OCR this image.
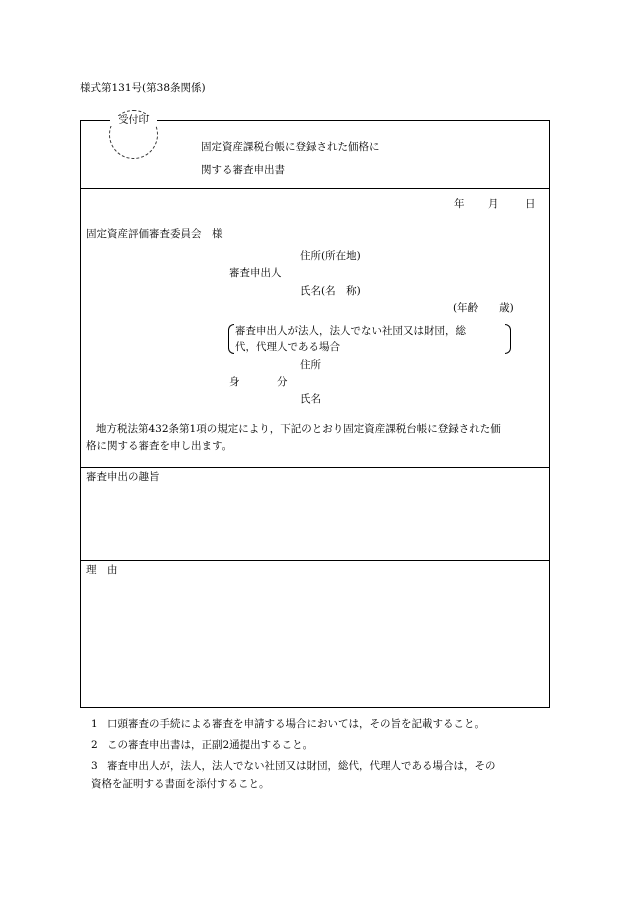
様式第131号(第38条関係)
受付印
固定資産課税台帳に登録された価格に
関する審査申出書
年 月	日
固定資産評価審査委員会　様
住所(所在地)
審査申出人
氏名(名　称)
(年齢　　歳)
審査申出人が法人，法人でない社団又は財団，総
代，代理人である場合
住所
身	分
氏名
地方税法第432条第1項の規定により，下記のとおり固定資産課税台帳に登録された価
格に関する審査を申し出ます。
審査申出の趣旨
理　由
1 口頭審査の手続による審査を申請する場合においては，その旨を記載すること。
2 この審査申出書は，正副2通提出すること。
3 審査申出人が，法人，法人でない社団又は財団，総代，代理人である場合は，その
資格を証明する書面を添付すること。
